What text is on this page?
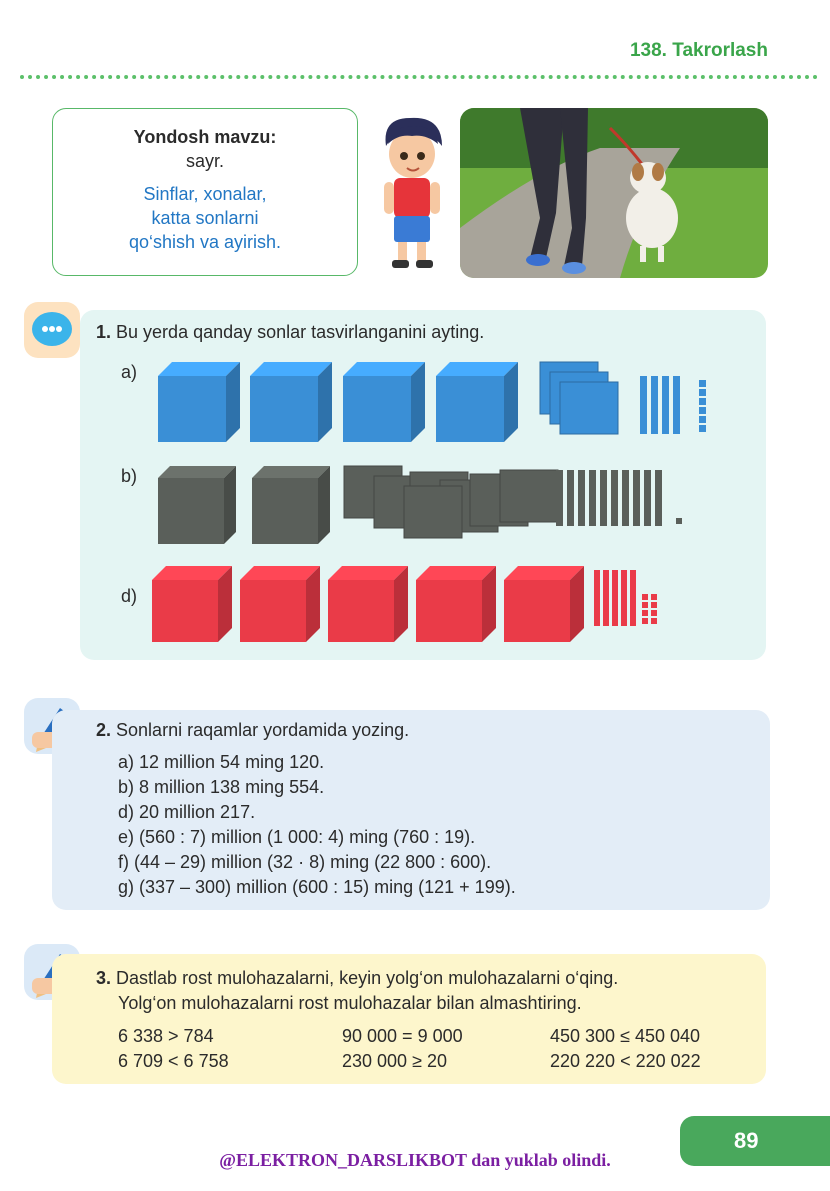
138. Takrorlash
Yondosh mavzu:
sayr.
Sinflar, xonalar,
katta sonlarni
qo‘shish va ayirish.
1. Bu yerda qanday sonlar tasvirlanganini ayting.
a)
b)
d)
2. Sonlarni raqamlar yordamida yozing.
a) 12 million 54 ming 120.
b) 8 million 138 ming 554.
d) 20 million 217.
e) (560 : 7) million (1 000: 4) ming (760 : 19).
f) (44 – 29) million (32 · 8) ming (22 800 : 600).
g) (337 – 300) million (600 : 15) ming (121 + 199).
3. Dastlab rost mulohazalarni, keyin yolg‘on mulohazalarni o‘qing.
Yolg‘on mulohazalarni rost mulohazalar bilan almashtiring.
6 338 > 784
6 709 < 6 758
90 000 = 9 000
230 000 ≥ 20
450 300 ≤ 450 040
220 220 < 220 022
89
@ELEKTRON_DARSLIKBOT dan yuklab olindi.
